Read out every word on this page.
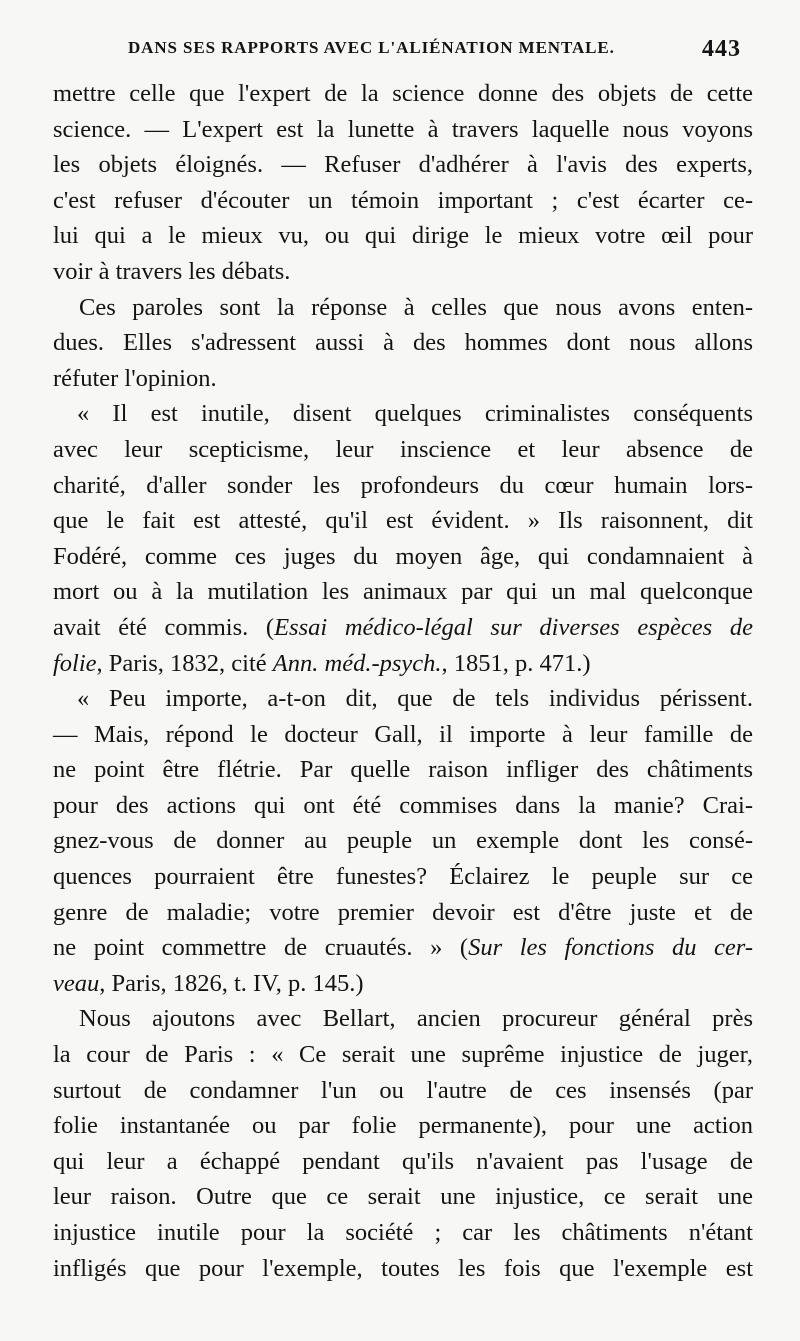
DANS SES RAPPORTS AVEC L'ALIÉNATION MENTALE.	443
mettre celle que l'expert de la science donne des objets de cette
science. — L'expert est la lunette à travers laquelle nous voyons
les objets éloignés. — Refuser d'adhérer à l'avis des experts,
c'est refuser d'écouter un témoin important ; c'est écarter ce-
lui qui a le mieux vu, ou qui dirige le mieux votre œil pour
voir à travers les débats.
Ces paroles sont la réponse à celles que nous avons enten-
dues. Elles s'adressent aussi à des hommes dont nous allons
réfuter l'opinion.
« Il est inutile, disent quelques criminalistes conséquents
avec leur scepticisme, leur inscience et leur absence de
charité, d'aller sonder les profondeurs du cœur humain lors-
que le fait est attesté, qu'il est évident. » Ils raisonnent, dit
Fodéré, comme ces juges du moyen âge, qui condamnaient à
mort ou à la mutilation les animaux par qui un mal quelconque
avait été commis. (Essai médico-légal sur diverses espèces de
folie, Paris, 1832, cité Ann. méd.-psych., 1851, p. 471.)
« Peu importe, a-t-on dit, que de tels individus périssent.
— Mais, répond le docteur Gall, il importe à leur famille de
ne point être flétrie. Par quelle raison infliger des châtiments
pour des actions qui ont été commises dans la manie? Crai-
gnez-vous de donner au peuple un exemple dont les consé-
quences pourraient être funestes? Éclairez le peuple sur ce
genre de maladie; votre premier devoir est d'être juste et de
ne point commettre de cruautés. » (Sur les fonctions du cer-
veau, Paris, 1826, t. IV, p. 145.)
Nous ajoutons avec Bellart, ancien procureur général près
la cour de Paris : « Ce serait une suprême injustice de juger,
surtout de condamner l'un ou l'autre de ces insensés (par
folie instantanée ou par folie permanente), pour une action
qui leur a échappé pendant qu'ils n'avaient pas l'usage de
leur raison. Outre que ce serait une injustice, ce serait une
injustice inutile pour la société ; car les châtiments n'étant
infligés que pour l'exemple, toutes les fois que l'exemple est
